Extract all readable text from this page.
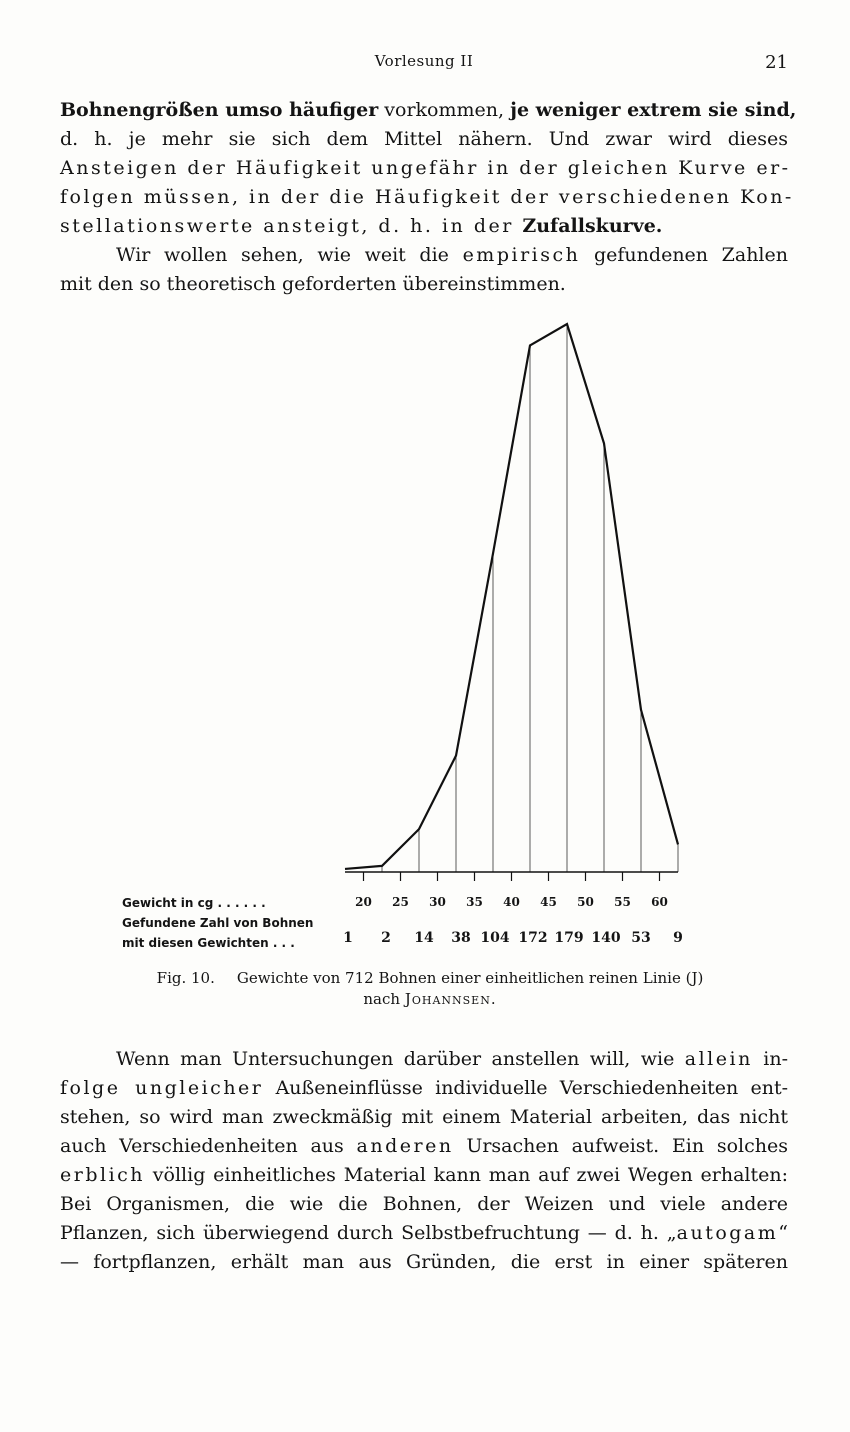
Vorlesung II	21
Bohnengrößen umso häufiger vorkommen, je weniger extrem sie sind,
d. h. je mehr sie sich dem Mittel nähern. Und zwar wird dieses
Ansteigen der Häufigkeit ungefähr in der gleichen Kurve er-
folgen müssen, in der die Häufigkeit der verschiedenen Kon-
stellationswerte ansteigt, d. h. in der Zufallskurve.
Wir wollen sehen, wie weit die empirisch gefundenen Zahlen
mit den so theoretisch geforderten übereinstimmen.
Gewicht in cg . . . . . .
Gefundene Zahl von Bohnen
mit diesen Gewichten . . .
20 25 30 35 40 45 50 55 60
1 2 14 38 104 172 179 140 53 9
Fig. 10. Gewichte von 712 Bohnen einer einheitlichen reinen Linie (J)
nach Johannsen.
Wenn man Untersuchungen darüber anstellen will, wie allein in-
folge ungleicher Außeneinflüsse individuelle Verschiedenheiten ent-
stehen, so wird man zweckmäßig mit einem Material arbeiten, das nicht
auch Verschiedenheiten aus anderen Ursachen aufweist. Ein solches
erblich völlig einheitliches Material kann man auf zwei Wegen erhalten:
Bei Organismen, die wie die Bohnen, der Weizen und viele andere
Pflanzen, sich überwiegend durch Selbstbefruchtung — d. h. „autogam“
— fortpflanzen, erhält man aus Gründen, die erst in einer späteren
